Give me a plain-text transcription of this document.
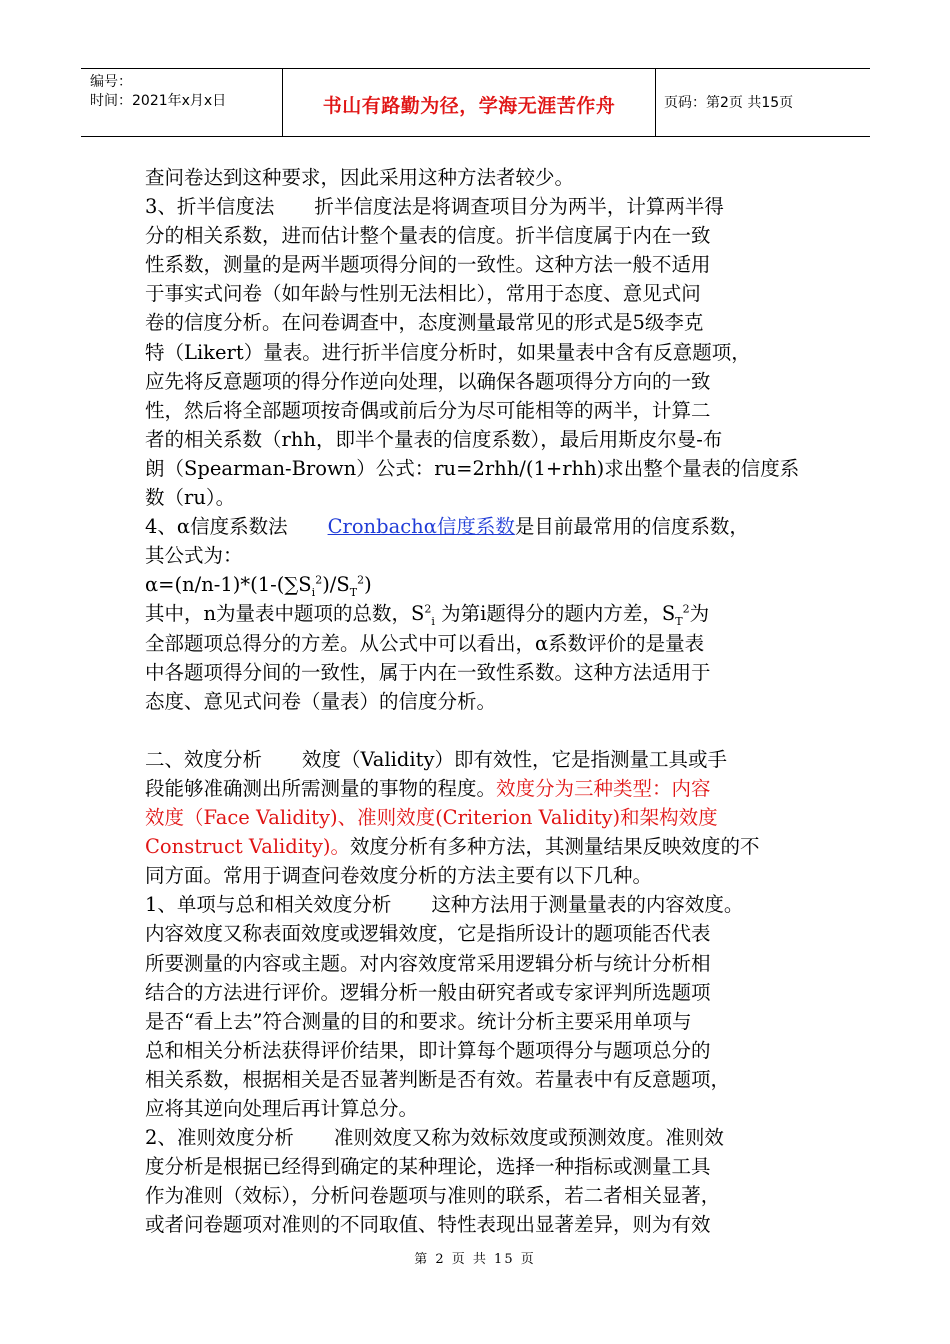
编号：
时间：2021年x月x日	书山有路勤为径，学海无涯苦作舟	页码：第2页 共15页
查问卷达到这种要求，因此采用这种方法者较少。
3、折半信度法 折半信度法是将调查项目分为两半，计算两半得
分的相关系数，进而估计整个量表的信度。折半信度属于内在一致
性系数，测量的是两半题项得分间的一致性。这种方法一般不适用
于事实式问卷（如年龄与性别无法相比），常用于态度、意见式问
卷的信度分析。在问卷调查中，态度测量最常见的形式是5级李克
特（Likert）量表。进行折半信度分析时，如果量表中含有反意题项，
应先将反意题项的得分作逆向处理，以确保各题项得分方向的一致
性，然后将全部题项按奇偶或前后分为尽可能相等的两半，计算二
者的相关系数（rhh，即半个量表的信度系数），最后用斯皮尔曼-布
朗（Spearman-Brown）公式：ru=2rhh/(1+rhh)求出整个量表的信度系
数（ru）。
4、α信度系数法 Cronbachα信度系数是目前最常用的信度系数，
其公式为：
$\alpha=(n/n-1)*(1-(\sum S_i^2)/S_T^2)$
其中，n为量表中题项的总数，$S^2_i$ 为第i题得分的题内方差，$S_T^2$为
全部题项总得分的方差。从公式中可以看出，α系数评价的是量表
中各题项得分间的一致性，属于内在一致性系数。这种方法适用于
态度、意见式问卷（量表）的信度分析。
二、效度分析 效度（Validity）即有效性，它是指测量工具或手
段能够准确测出所需测量的事物的程度。效度分为三种类型：内容
效度（Face Validity)、准则效度(Criterion Validity)和架构效度
Construct Validity)。效度分析有多种方法，其测量结果反映效度的不
同方面。常用于调查问卷效度分析的方法主要有以下几种。
1、单项与总和相关效度分析 这种方法用于测量量表的内容效度。
内容效度又称表面效度或逻辑效度，它是指所设计的题项能否代表
所要测量的内容或主题。对内容效度常采用逻辑分析与统计分析相
结合的方法进行评价。逻辑分析一般由研究者或专家评判所选题项
是否“看上去”符合测量的目的和要求。统计分析主要采用单项与
总和相关分析法获得评价结果，即计算每个题项得分与题项总分的
相关系数，根据相关是否显著判断是否有效。若量表中有反意题项，
应将其逆向处理后再计算总分。
2、准则效度分析 准则效度又称为效标效度或预测效度。准则效
度分析是根据已经得到确定的某种理论，选择一种指标或测量工具
作为准则（效标），分析问卷题项与准则的联系，若二者相关显著，
或者问卷题项对准则的不同取值、特性表现出显著差异，则为有效
第 2 页 共 15 页
